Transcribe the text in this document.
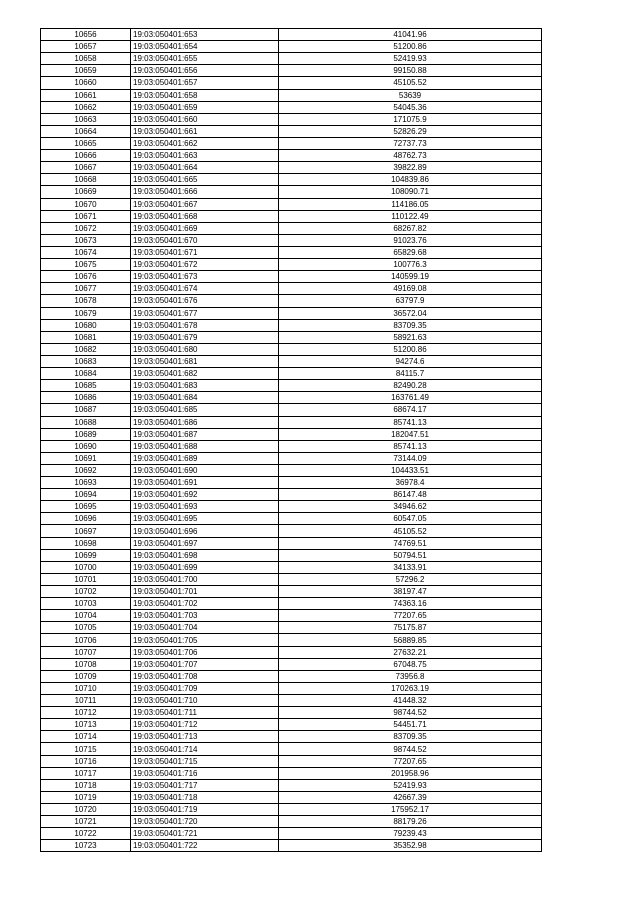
10656	19:03:050401:653	41041.96
10657	19:03:050401:654	51200.86
10658	19:03:050401:655	52419.93
10659	19:03:050401:656	99150.88
10660	19:03:050401:657	45105.52
10661	19:03:050401:658	53639
10662	19:03:050401:659	54045.36
10663	19:03:050401:660	171075.9
10664	19:03:050401:661	52826.29
10665	19:03:050401:662	72737.73
10666	19:03:050401:663	48762.73
10667	19:03:050401:664	39822.89
10668	19:03:050401:665	104839.86
10669	19:03:050401:666	108090.71
10670	19:03:050401:667	114186.05
10671	19:03:050401:668	110122.49
10672	19:03:050401:669	68267.82
10673	19:03:050401:670	91023.76
10674	19:03:050401:671	65829.68
10675	19:03:050401:672	100776.3
10676	19:03:050401:673	140599.19
10677	19:03:050401:674	49169.08
10678	19:03:050401:676	63797.9
10679	19:03:050401:677	36572.04
10680	19:03:050401:678	83709.35
10681	19:03:050401:679	58921.63
10682	19:03:050401:680	51200.86
10683	19:03:050401:681	94274.6
10684	19:03:050401:682	84115.7
10685	19:03:050401:683	82490.28
10686	19:03:050401:684	163761.49
10687	19:03:050401:685	68674.17
10688	19:03:050401:686	85741.13
10689	19:03:050401:687	182047.51
10690	19:03:050401:688	85741.13
10691	19:03:050401:689	73144.09
10692	19:03:050401:690	104433.51
10693	19:03:050401:691	36978.4
10694	19:03:050401:692	86147.48
10695	19:03:050401:693	34946.62
10696	19:03:050401:695	60547.05
10697	19:03:050401:696	45105.52
10698	19:03:050401:697	74769.51
10699	19:03:050401:698	50794.51
10700	19:03:050401:699	34133.91
10701	19:03:050401:700	57296.2
10702	19:03:050401:701	38197.47
10703	19:03:050401:702	74363.16
10704	19:03:050401:703	77207.65
10705	19:03:050401:704	75175.87
10706	19:03:050401:705	56889.85
10707	19:03:050401:706	27632.21
10708	19:03:050401:707	67048.75
10709	19:03:050401:708	73956.8
10710	19:03:050401:709	170263.19
10711	19:03:050401:710	41448.32
10712	19:03:050401:711	98744.52
10713	19:03:050401:712	54451.71
10714	19:03:050401:713	83709.35
10715	19:03:050401:714	98744.52
10716	19:03:050401:715	77207.65
10717	19:03:050401:716	201958.96
10718	19:03:050401:717	52419.93
10719	19:03:050401:718	42667.39
10720	19:03:050401:719	175952.17
10721	19:03:050401:720	88179.26
10722	19:03:050401:721	79239.43
10723	19:03:050401:722	35352.98
